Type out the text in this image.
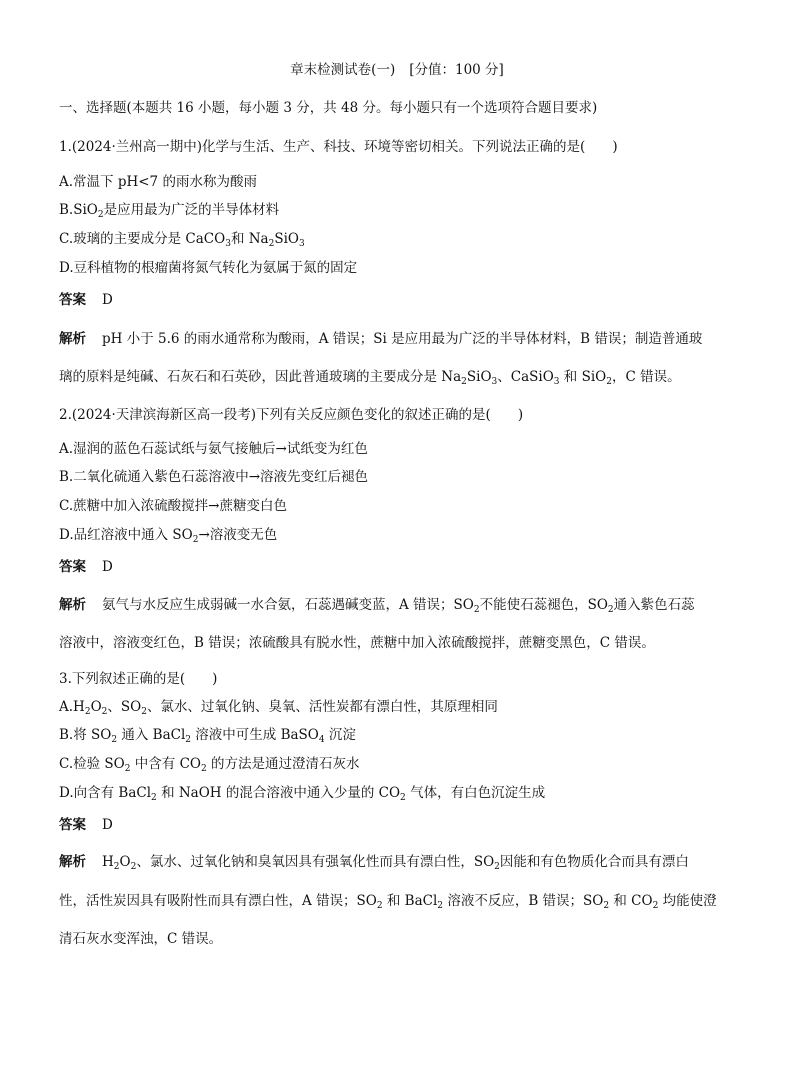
章末检测试卷(一) [分值：100 分]
一、选择题(本题共 16 小题，每小题 3 分，共 48 分。每小题只有一个选项符合题目要求)
1.(2024·兰州高一期中)化学与生活、生产、科技、环境等密切相关。下列说法正确的是(　　)
A.常温下 pH<7 的雨水称为酸雨
B.SiO$_2$是应用最为广泛的半导体材料
C.玻璃的主要成分是 CaCO$_3$和 $Na_2SiO_3$
D.豆科植物的根瘤菌将氮气转化为氨属于氮的固定
答案 D
解析 pH 小于 5.6 的雨水通常称为酸雨，A 错误；Si 是应用最为广泛的半导体材料，B 错误；制造普通玻
璃的原料是纯碱、石灰石和石英砂，因此普通玻璃的主要成分是 $Na_2SiO_3$、CaSiO$_3$ 和 SiO$_2$，C 错误。
2.(2024·天津滨海新区高一段考)下列有关反应颜色变化的叙述正确的是(　　)
A.湿润的蓝色石蕊试纸与氨气接触后→试纸变为红色
B.二氧化硫通入紫色石蕊溶液中→溶液先变红后褪色
C.蔗糖中加入浓硫酸搅拌→蔗糖变白色
D.品红溶液中通入 $SO_2\to$溶液变无色
答案 D
解析 氨气与水反应生成弱碱一水合氨，石蕊遇碱变蓝，A 错误；$SO_2$不能使石蕊褪色，$SO_2$通入紫色石蕊
溶液中，溶液变红色，B 错误；浓硫酸具有脱水性，蔗糖中加入浓硫酸搅拌，蔗糖变黑色，C 错误。
3.下列叙述正确的是(　　)
$A.H_2O_2$、$SO_2$、氯水、过氧化钠、臭氧、活性炭都有漂白性，其原理相同
B.将 $SO_2$ 通入 BaCl$_2$ 溶液中可生成 BaSO$_4$ 沉淀
C.检验 $SO_2$ 中含有 $CO_2$ 的方法是通过澄清石灰水
D.向含有 BaCl$_2$ 和 NaOH 的混合溶液中通入少量的 $CO_2$ 气体，有白色沉淀生成
答案 D
解析 $H_2O_2$、氯水、过氧化钠和臭氧因具有强氧化性而具有漂白性，$SO_2$因能和有色物质化合而具有漂白
性，活性炭因具有吸附性而具有漂白性，A 错误；$SO_2$ 和 BaCl$_2$ 溶液不反应，B 错误；$SO_2$ 和 $CO_2$ 均能使澄
清石灰水变浑浊，C 错误。
